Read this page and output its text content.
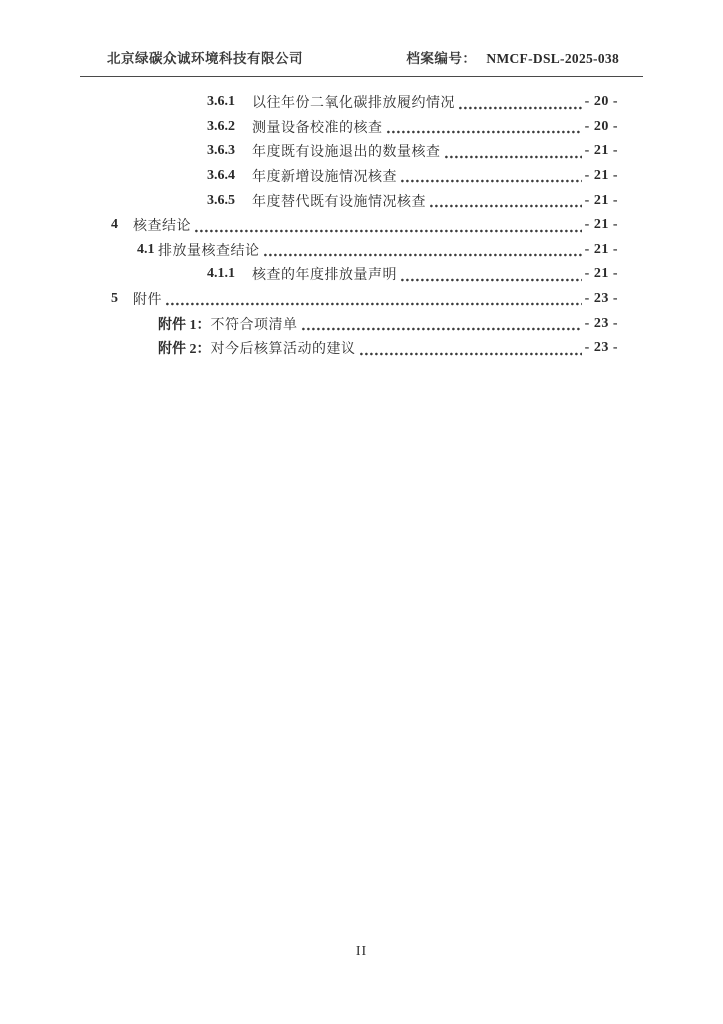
北京绿碳众诚环境科技有限公司	档案编号： NMCF-DSL-2025-038
3.6.1	以往年份二氧化碳排放履约情况	- 20 -
3.6.2	测量设备校准的核查	- 20 -
3.6.3	年度既有设施退出的数量核查	- 21 -
3.6.4	年度新增设施情况核查	- 21 -
3.6.5	年度替代既有设施情况核查	- 21 -
4	核查结论	- 21 -
4.1 排放量核查结论	- 21 -
4.1.1	核查的年度排放量声明	- 21 -
5	附件	- 23 -
附件 1： 不符合项清单	- 23 -
附件 2： 对今后核算活动的建议	- 23 -
II
